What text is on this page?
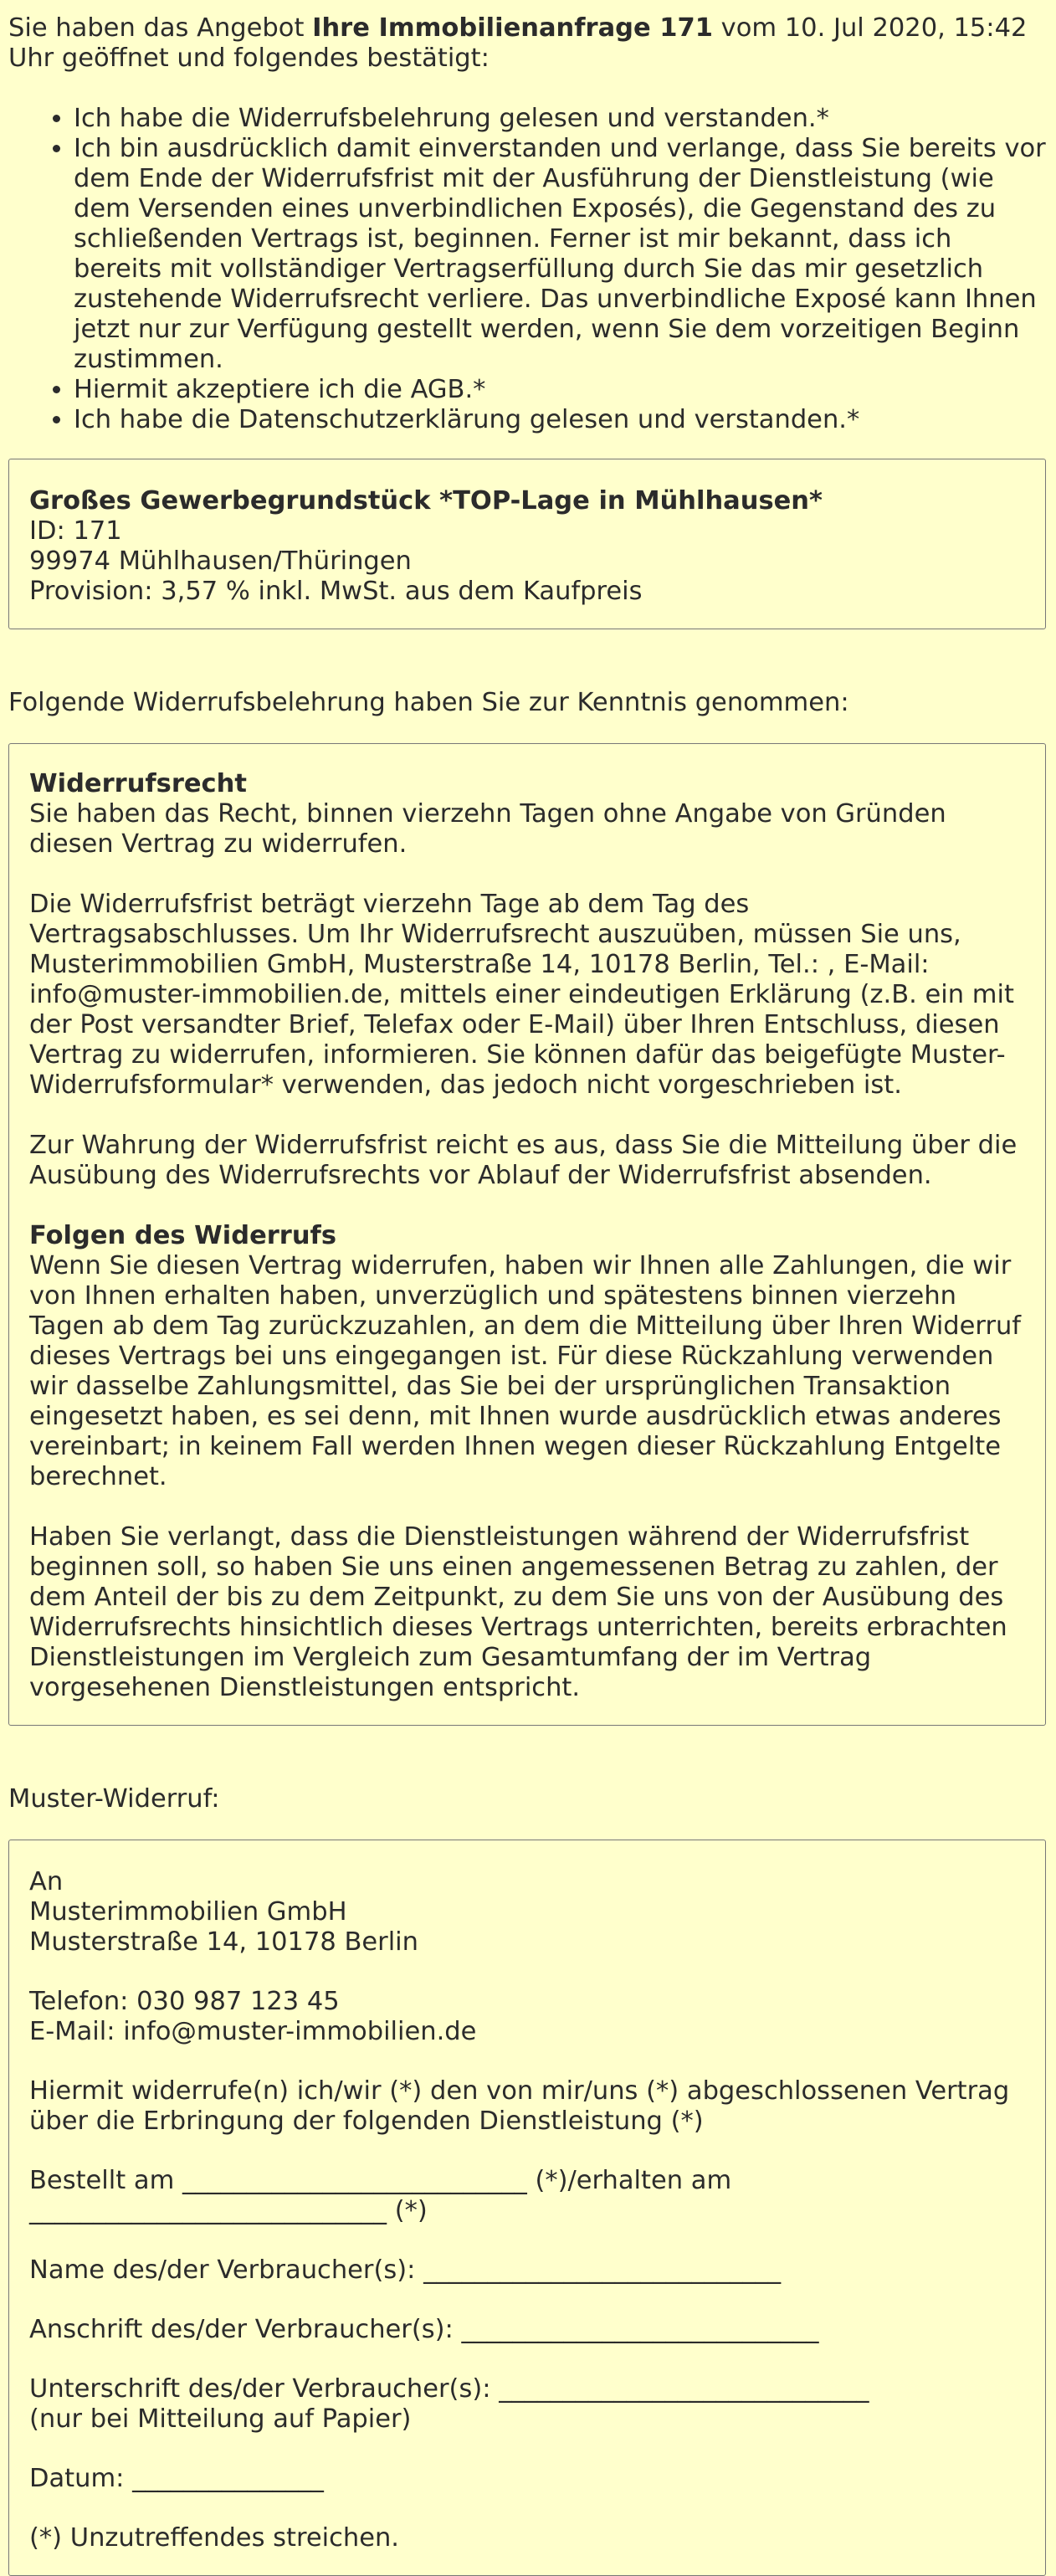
Sie haben das Angebot Ihre Immobilienanfrage 171 vom 10. Jul 2020, 15:42 Uhr geöffnet und folgendes bestätigt:

• Ich habe die Widerrufsbelehrung gelesen und verstanden.*
• Ich bin ausdrücklich damit einverstanden und verlange, dass Sie bereits vor dem Ende der Widerrufsfrist mit der Ausführung der Dienstleistung (wie dem Versenden eines unverbindlichen Exposés), die Gegenstand des zu schließenden Vertrags ist, beginnen. Ferner ist mir bekannt, dass ich bereits mit vollständiger Vertragserfüllung durch Sie das mir gesetzlich zustehende Widerrufsrecht verliere. Das unverbindliche Exposé kann Ihnen jetzt nur zur Verfügung gestellt werden, wenn Sie dem vorzeitigen Beginn zustimmen.
• Hiermit akzeptiere ich die AGB.*
• Ich habe die Datenschutzerklärung gelesen und verstanden.*
Großes Gewerbegrundstück *TOP-Lage in Mühlhausen*
ID: 171
99974 Mühlhausen/Thüringen
Provision: 3,57 % inkl. MwSt. aus dem Kaufpreis

Folgende Widerrufsbelehrung haben Sie zur Kenntnis genommen:

Widerrufsrecht

Sie haben das Recht, binnen vierzehn Tagen ohne Angabe von Gründen diesen Vertrag zu widerrufen.

Die Widerrufsfrist beträgt vierzehn Tage ab dem Tag des Vertragsabschlusses. Um Ihr Widerrufsrecht auszuüben, müssen Sie uns, Musterimmobilien GmbH, Musterstraße 14, 10178 Berlin, Tel.: , E-Mail: info@muster-immobilien.de, mittels einer eindeutigen Erklärung (z.B. ein mit der Post versandter Brief, Telefax oder E-Mail) über Ihren Entschluss, diesen Vertrag zu widerrufen, informieren. Sie können dafür das beigefügte Muster-Widerrufsformular* verwenden, das jedoch nicht vorgeschrieben ist.

Zur Wahrung der Widerrufsfrist reicht es aus, dass Sie die Mitteilung über die Ausübung des Widerrufsrechts vor Ablauf der Widerrufsfrist absenden.

Folgen des Widerrufs

Wenn Sie diesen Vertrag widerrufen, haben wir Ihnen alle Zahlungen, die wir von Ihnen erhalten haben, unverzüglich und spätestens binnen vierzehn Tagen ab dem Tag zurückzuzahlen, an dem die Mitteilung über Ihren Widerruf dieses Vertrags bei uns eingegangen ist. Für diese Rückzahlung verwenden wir dasselbe Zahlungsmittel, das Sie bei der ursprünglichen Transaktion eingesetzt haben, es sei denn, mit Ihnen wurde ausdrücklich etwas anderes vereinbart; in keinem Fall werden Ihnen wegen dieser Rückzahlung Entgelte berechnet.

Haben Sie verlangt, dass die Dienstleistungen während der Widerrufsfrist beginnen soll, so haben Sie uns einen angemessenen Betrag zu zahlen, der dem Anteil der bis zu dem Zeitpunkt, zu dem Sie uns von der Ausübung des Widerrufsrechts hinsichtlich dieses Vertrags unterrichten, bereits erbrachten Dienstleistungen im Vergleich zum Gesamtumfang der im Vertrag vorgesehenen Dienstleistungen entspricht.

Muster-Widerruf:

An
Musterimmobilien GmbH
Musterstraße 14, 10178 Berlin
Telefon: 030 987 123 45
E-Mail: info@muster-immobilien.de

Hiermit widerrufe(n) ich/wir (*) den von mir/uns (*) abgeschlossenen Vertrag über die Erbringung der folgenden Dienstleistung (*)

Bestellt am ___________________________ (*)/erhalten am ____________________________ (*)

Name des/der Verbraucher(s): ____________________________

Anschrift des/der Verbraucher(s): ____________________________

Unterschrift des/der Verbraucher(s): _____________________________

(nur bei Mitteilung auf Papier)

Datum: _______________

(*) Unzutreffendes streichen.
